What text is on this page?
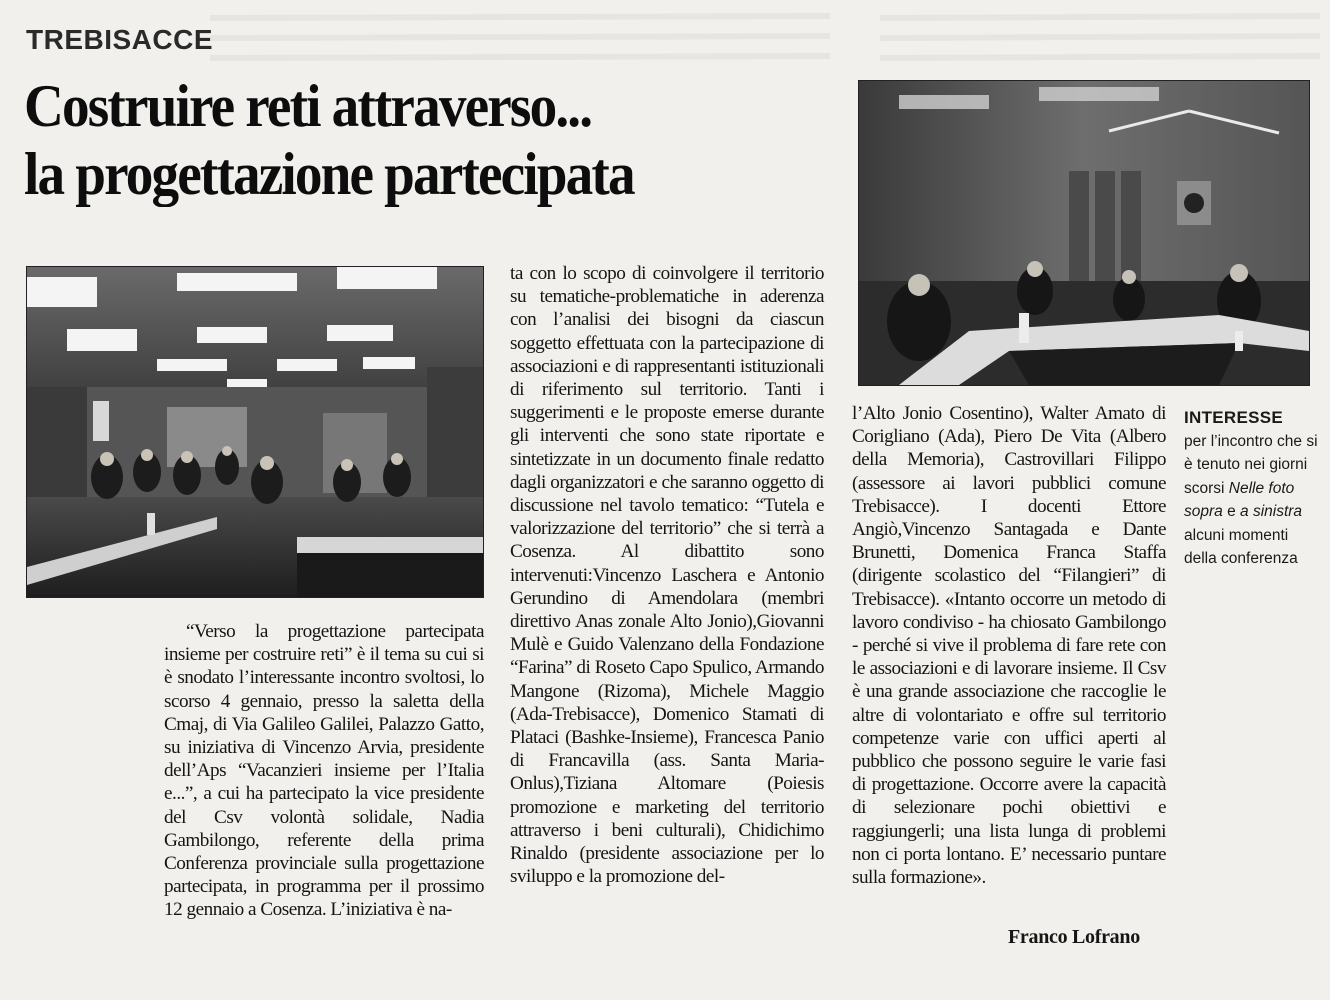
TREBISACCE
Costruire reti attraverso...
la progettazione partecipata

“Verso la progettazione partecipata insieme per costruire reti” è il tema su cui si è snodato l’interessante incontro svoltosi, lo scorso 4 gennaio, presso la saletta della Cmaj, di Via Galileo Galilei, Palazzo Gatto, su iniziativa di Vincenzo Arvia, presidente dell’Aps “Vacanzieri insieme per l’Italia e...”, a cui ha partecipato la vice presidente del Csv volontà solidale, Nadia Gambilongo, referente della prima Conferenza provinciale sulla progettazione partecipata, in programma per il prossimo 12 gennaio a Cosenza. L’iniziativa è na-

ta con lo scopo di coinvolgere il territorio su tematiche-problematiche in aderenza con l’analisi dei bisogni da ciascun soggetto effettuata con la partecipazione di associazioni e di rappresentanti istituzionali di riferimento sul territorio. Tanti i suggerimenti e le proposte emerse durante gli interventi che sono state riportate e sintetizzate in un documento finale redatto dagli organizzatori e che saranno oggetto di discussione nel tavolo tematico: “Tutela e valorizzazione del territorio” che si terrà a Cosenza. Al dibattito sono intervenuti:Vincenzo Laschera e Antonio Gerundino di Amendolara (membri direttivo Anas zonale Alto Jonio),Giovanni Mulè e Guido Valenzano della Fondazione “Farina” di Roseto Capo Spulico, Armando Mangone (Rizoma), Michele Maggio (Ada-Trebisacce), Domenico Stamati di Plataci (Bashke-Insieme), Francesca Panio di Francavilla (ass. Santa Maria-Onlus),Tiziana Altomare (Poiesis promozione e marketing del territorio attraverso i beni culturali), Chidichimo Rinaldo (presidente associazione per lo sviluppo e la promozione del-

l’Alto Jonio Cosentino), Walter Amato di Corigliano (Ada), Piero De Vita (Albero della Memoria), Castrovillari Filippo (assessore ai lavori pubblici comune Trebisacce). I docenti Ettore Angiò,Vincenzo Santagada e Dante Brunetti, Domenica Franca Staffa (dirigente scolastico del “Filangieri” di Trebisacce). «Intanto occorre un metodo di lavoro condiviso - ha chiosato Gambilongo - perché si vive il problema di fare rete con le associazioni e di lavorare insieme. Il Csv è una grande associazione che raccoglie le altre di volontariato e offre sul territorio competenze varie con uffici aperti al pubblico che possono seguire le varie fasi di progettazione. Occorre avere la capacità di selezionare pochi obiettivi e raggiungerli; una lista lunga di problemi non ci porta lontano. E’ necessario puntare sulla formazione».

Franco Lofrano
INTERESSE
per l’incontro che si è tenuto nei giorni scorsi Nelle foto sopra e a sinistra alcuni momenti della conferenza
